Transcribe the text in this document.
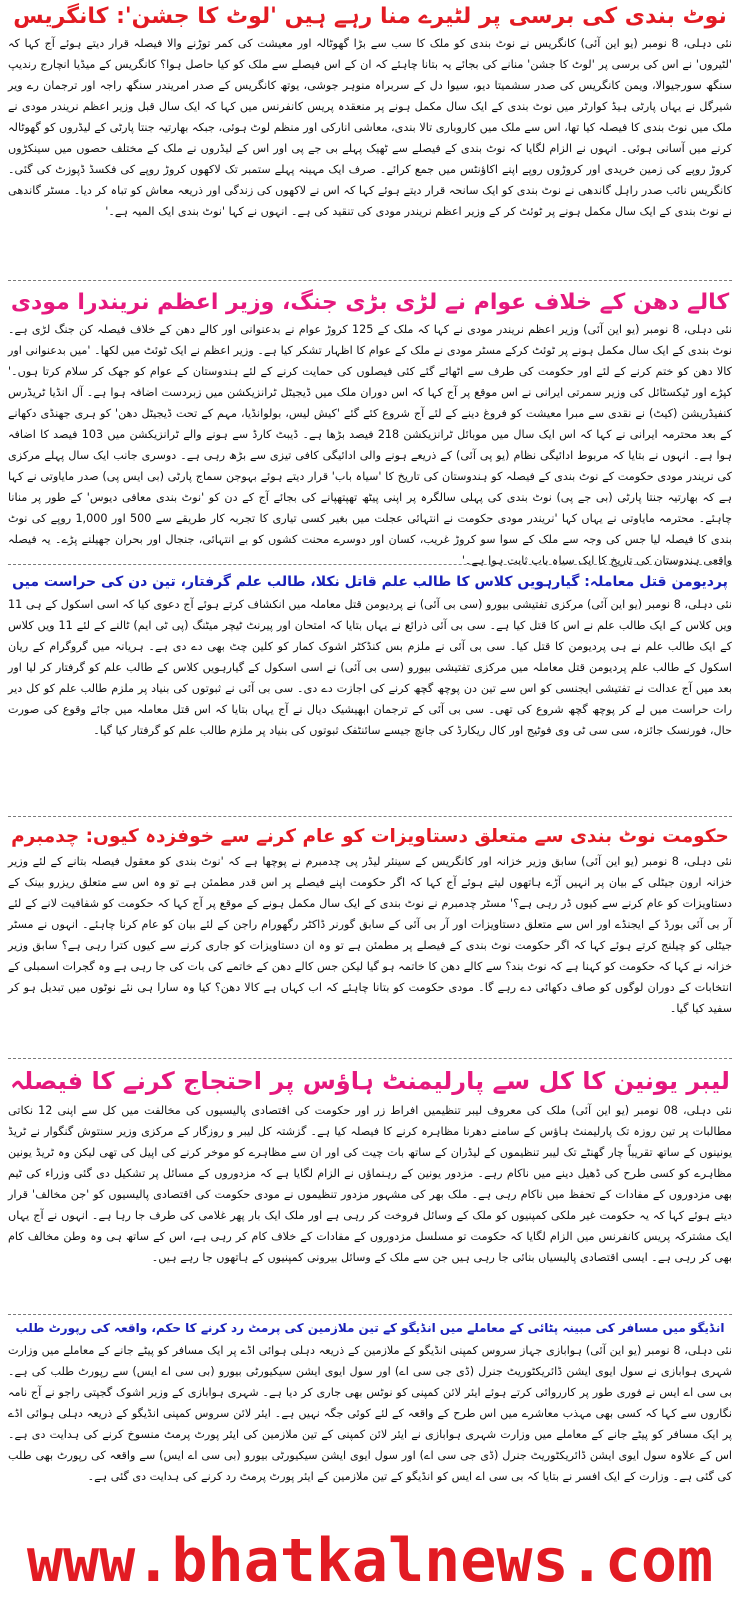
نوٹ بندی کی برسی پر لٹیرے منا رہے ہیں 'لوٹ کا جشن': کانگریس
نئی دہلی، 8 نومبر (یو این آئی) کانگریس نے نوٹ بندی کو ملک کا سب سے بڑا گھوٹالہ اور معیشت کی کمر توڑنے والا فیصلہ قرار دیتے ہوئے آج کہا کہ 'لٹیروں' نے اس کی برسی پر 'لوٹ کا جشن' منانے کی بجائے یہ بتانا چاہئے کہ ان کے اس فیصلے سے ملک کو کیا حاصل ہوا؟ کانگریس کے میڈیا انچارج رندیپ سنگھ سورجیوالا، ویمن کانگریس کی صدر سشمیتا دیو، سیوا دل کے سربراہ منوہر جوشی، یوتھ کانگریس کے صدر امریندر سنگھ راجہ اور ترجمان رے ویر شیرگل نے یہاں پارٹی ہیڈ کوارٹر میں نوٹ بندی کے ایک سال مکمل ہونے پر منعقدہ پریس کانفرنس میں کہا کہ ایک سال قبل وزیر اعظم نریندر مودی نے ملک میں نوٹ بندی کا فیصلہ کیا تھا، اس سے ملک میں کاروباری تالا بندی، معاشی انارکی اور منظم لوٹ ہوئی، جبکہ بھارتیہ جنتا پارٹی کے لیڈروں کو گھوٹالہ کرنے میں آسانی ہوئی۔ انہوں نے الزام لگایا کہ نوٹ بندی کے فیصلے سے ٹھیک پہلے بی جے پی اور اس کے لیڈروں نے ملک کے مختلف حصوں میں سینکڑوں کروڑ روپے کی زمین خریدی اور کروڑوں روپے اپنے اکاؤنٹس میں جمع کرائے۔ صرف ایک مہینہ پہلے ستمبر تک لاکھوں کروڑ روپے کی فکسڈ ڈپوزٹ کی گئی۔ کانگریس نائب صدر راہل گاندھی نے نوٹ بندی کو ایک سانحہ قرار دیتے ہوئے کہا کہ اس نے لاکھوں کی زندگی اور ذریعہ معاش کو تباہ کر دیا۔ مسٹر گاندھی نے نوٹ بندی کے ایک سال مکمل ہونے پر ٹوئٹ کر کے وزیر اعظم نریندر مودی کی تنقید کی ہے۔ انہوں نے کہا 'نوٹ بندی ایک المیہ ہے۔'
کالے دھن کے خلاف عوام نے لڑی بڑی جنگ، وزیر اعظم نریندرا مودی
نئی دہلی، 8 نومبر (یو این آئی) وزیر اعظم نریندر مودی نے کہا کہ ملک کے 125 کروڑ عوام نے بدعنوانی اور کالے دھن کے خلاف فیصلہ کن جنگ لڑی ہے۔ نوٹ بندی کے ایک سال مکمل ہونے پر ٹوئٹ کرکے مسٹر مودی نے ملک کے عوام کا اظہار تشکر کیا ہے۔ وزیر اعظم نے ایک ٹوئٹ میں لکھا۔ 'میں بدعنوانی اور کالا دھن کو ختم کرنے کے لئے اور حکومت کی طرف سے اٹھائے گئے کئی فیصلوں کی حمایت کرنے کے لئے ہندوستان کے عوام کو جھک کر سلام کرتا ہوں۔' کپڑے اور ٹیکسٹائل کی وزیر سمرتی ایرانی نے اس موقع پر آج کہا کہ اس دوران ملک میں ڈیجیٹل ٹرانزیکشن میں زبردست اضافہ ہوا ہے۔ آل انڈیا ٹریڈرس کنفیڈریشن (کیٹ) نے نقدی سے مبرا معیشت کو فروغ دینے کے لئے آج شروع کئے گئے 'کیش لیس، بولوانڈیا، مہم کے تحت ڈیجیٹل دھن' کو ہری جھنڈی دکھانے کے بعد محترمہ ایرانی نے کہا کہ اس ایک سال میں موبائل ٹرانزیکشن 218 فیصد بڑھا ہے۔ ڈیبٹ کارڈ سے ہونے والے ٹرانزیکشن میں 103 فیصد کا اضافہ ہوا ہے۔ انہوں نے بتایا کہ مربوط ادائیگی نظام (یو پی آئی) کے ذریعے ہونے والی ادائیگی کافی تیزی سے بڑھ رہی ہے۔ دوسری جانب ایک سال پہلے مرکزی کی نریندر مودی حکومت کے نوٹ بندی کے فیصلہ کو ہندوستان کی تاریخ کا 'سیاہ باب' قرار دیتے ہوئے بہوجن سماج پارٹی (بی ایس پی) صدر مایاوتی نے کہا ہے کہ بھارتیہ جنتا پارٹی (بی جے پی) نوٹ بندی کی پہلی سالگرہ پر اپنی پیٹھ تھپتھپانے کی بجائے آج کے دن کو 'نوٹ بندی معافی دیوس' کے طور پر منانا چاہئے۔ محترمہ مایاوتی نے یہاں کہا 'نریندر مودی حکومت نے انتہائی عجلت میں بغیر کسی تیاری کا تجربہ کار طریقے سے 500 اور 1,000 روپے کی نوٹ بندی کا فیصلہ لیا جس کی وجہ سے ملک کے سوا سو کروڑ غریب، کسان اور دوسرے محنت کشوں کو بے انتہائی، جنجال اور بحران جھیلنے پڑے۔ یہ فیصلہ واقعی ہندوستان کی تاریخ کا ایک سیاہ باب ثابت ہوا ہے۔'
پردیومن قتل معاملہ: گیارہویں کلاس کا طالب علم قاتل نکلا، طالب علم گرفتار، تین دن کی حراست میں
نئی دہلی، 8 نومبر (یو این آئی) مرکزی تفتیشی بیورو (سی بی آئی) نے پردیومن قتل معاملہ میں انکشاف کرتے ہوئے آج دعوی کیا کہ اسی اسکول کے ہی 11 ویں کلاس کے ایک طالب علم نے اس کا قتل کیا ہے۔ سی بی آئی ذرائع نے یہاں بتایا کہ امتحان اور پیرنٹ ٹیچر میٹنگ (پی ٹی ایم) ٹالنے کے لئے 11 ویں کلاس کے ایک طالب علم نے ہی پردیومن کا قتل کیا۔ سی بی آئی نے ملزم بس کنڈکٹر اشوک کمار کو کلین چٹ بھی دے دی ہے۔ ہریانہ میں گروگرام کے ریان اسکول کے طالب علم پردیومن قتل معاملہ میں مرکزی تفتیشی بیورو (سی بی آئی) نے اسی اسکول کے گیارہویں کلاس کے طالب علم کو گرفتار کر لیا اور بعد میں آج عدالت نے تفتیشی ایجنسی کو اس سے تین دن پوچھ گچھ کرنے کی اجازت دے دی۔ سی بی آئی نے ثبوتوں کی بنیاد پر ملزم طالب علم کو کل دیر رات حراست میں لے کر پوچھ گچھ شروع کی تھی۔ سی بی آئی کے ترجمان ابھیشیک دیال نے آج یہاں بتایا کہ اس قتل معاملہ میں جائے وقوع کی صورت حال، فورنسک جائزہ، سی سی ٹی وی فوٹیج اور کال ریکارڈ کی جانچ جیسے سائنٹفک ثبوتوں کی بنیاد پر ملزم طالب علم کو گرفتار کیا گیا۔
حکومت نوٹ بندی سے متعلق دستاویزات کو عام کرنے سے خوفزدہ کیوں: چدمبرم
نئی دہلی، 8 نومبر (یو این آئی) سابق وزیر خزانہ اور کانگریس کے سینئر لیڈر پی چدمبرم نے پوچھا ہے کہ 'نوٹ بندی کو معقول فیصلہ بتانے کے لئے وزیر خزانہ ارون جیٹلی کے بیان پر انہیں آڑے ہاتھوں لیتے ہوئے آج کہا کہ اگر حکومت اپنے فیصلے پر اس قدر مطمئن ہے تو وہ اس سے متعلق ریزرو بینک کے دستاویزات کو عام کرنے سے کیوں ڈر رہی ہے؟' مسٹر چدمبرم نے نوٹ بندی کے ایک سال مکمل ہونے کے موقع پر آج کہا کہ حکومت کو شفافیت لانے کے لئے آر بی آئی بورڈ کے ایجنڈے اور اس سے متعلق دستاویزات اور آر بی آئی کے سابق گورنر ڈاکٹر رگھورام راجن کے لئے بیان کو عام کرنا چاہئے۔ انہوں نے مسٹر جیٹلی کو چیلنج کرتے ہوئے کہا کہ اگر حکومت نوٹ بندی کے فیصلے پر مطمئن ہے تو وہ ان دستاویزات کو جاری کرنے سے کیوں کترا رہی ہے؟ سابق وزیر خزانہ نے کہا کہ حکومت کو کہنا ہے کہ نوٹ بند؟ سے کالے دھن کا خاتمہ ہو گیا لیکن جس کالے دھن کے خاتمے کی بات کی جا رہی ہے وہ گجرات اسمبلی کے انتخابات کے دوران لوگوں کو صاف دکھائی دے رہے گا۔ مودی حکومت کو بتانا چاہئے کہ اب کہاں ہے کالا دھن؟ کیا وہ سارا ہی نئے نوٹوں میں تبدیل ہو کر سفید کیا گیا۔
لیبر یونین کا کل سے پارلیمنٹ ہاؤس پر احتجاج کرنے کا فیصلہ
نئی دہلی، 08 نومبر (یو این آئی) ملک کی معروف لیبر تنظیمیں افراط زر اور حکومت کی اقتصادی پالیسیوں کی مخالفت میں کل سے اپنی 12 نکاتی مطالبات پر تین روزہ تک پارلیمنٹ ہاؤس کے سامنے دھرنا مظاہرہ کرنے کا فیصلہ کیا ہے۔ گزشتہ کل لیبر و روزگار کے مرکزی وزیر سنتوش گنگوار نے ٹریڈ یونینوں کے ساتھ تقریباً چار گھنٹے تک لیبر تنظیموں کے لیڈران کے ساتھ بات چیت کی اور ان سے مظاہرے کو موخر کرنے کی اپیل کی تھی لیکن وہ ٹریڈ یونین مظاہرے کو کسی طرح کی ڈھیل دینے میں ناکام رہے۔ مزدور یونین کے رہنماؤں نے الزام لگایا ہے کہ مزدوروں کے مسائل پر تشکیل دی گئی وزراء کی ٹیم بھی مزدوروں کے مفادات کے تحفظ میں ناکام رہی ہے۔ ملک بھر کی مشہور مزدور تنظیموں نے مودی حکومت کی اقتصادی پالیسیوں کو 'جن مخالف' قرار دیتے ہوئے کہا کہ یہ حکومت غیر ملکی کمپنیوں کو ملک کے وسائل فروخت کر رہی ہے اور ملک ایک بار پھر غلامی کی طرف جا رہا ہے۔ انہوں نے آج یہاں ایک مشترکہ پریس کانفرنس میں الزام لگایا کہ حکومت تو مسلسل مزدوروں کے مفادات کے خلاف کام کر رہی ہے، اس کے ساتھ ہی وہ وطن مخالف کام بھی کر رہی ہے۔ ایسی اقتصادی پالیسیاں بنائی جا رہی ہیں جن سے ملک کے وسائل بیرونی کمپنیوں کے ہاتھوں جا رہے ہیں۔
انڈیگو میں مسافر کی مبینہ پٹائی کے معاملے میں انڈیگو کے تین ملازمین کی پرمٹ رد کرنے کا حکم، واقعہ کی رپورٹ طلب
نئی دہلی، 8 نومبر (یو این آئی) ہوابازی جہاز سروس کمپنی انڈیگو کے ملازمین کے ذریعہ دہلی ہوائی اڈے پر ایک مسافر کو پیٹے جانے کے معاملے میں وزارت شہری ہوابازی نے سول ایوی ایشن ڈائریکٹوریٹ جنرل (ڈی جی سی اے) اور سول ایوی ایشن سیکیورٹی بیورو (بی سی اے ایس) سے رپورٹ طلب کی ہے۔ بی سی اے ایس نے فوری طور پر کارروائی کرتے ہوئے ایئر لائن کمپنی کو نوٹس بھی جاری کر دیا ہے۔ شہری ہوابازی کے وزیر اشوک گجپتی راجو نے آج نامہ نگاروں سے کہا کہ کسی بھی مہذب معاشرے میں اس طرح کے واقعہ کے لئے کوئی جگہ نہیں ہے۔ ایئر لائن سروس کمپنی انڈیگو کے ذریعہ دہلی ہوائی اڈے پر ایک مسافر کو پیٹے جانے کے معاملے میں وزارت شہری ہوابازی نے ایئر لائن کمپنی کے تین ملازمین کی ایئر پورٹ پرمٹ منسوخ کرنے کی ہدایت دی ہے۔ اس کے علاوہ سول ایوی ایشن ڈائریکٹوریٹ جنرل (ڈی جی سی اے) اور سول ایوی ایشن سیکیورٹی بیورو (بی سی اے ایس) سے واقعہ کی رپورٹ بھی طلب کی گئی ہے۔ وزارت کے ایک افسر نے بتایا کہ بی سی اے ایس کو انڈیگو کے تین ملازمین کے ایئر پورٹ پرمٹ رد کرنے کی ہدایت دی گئی ہے۔
www.bhatkalnews.com
